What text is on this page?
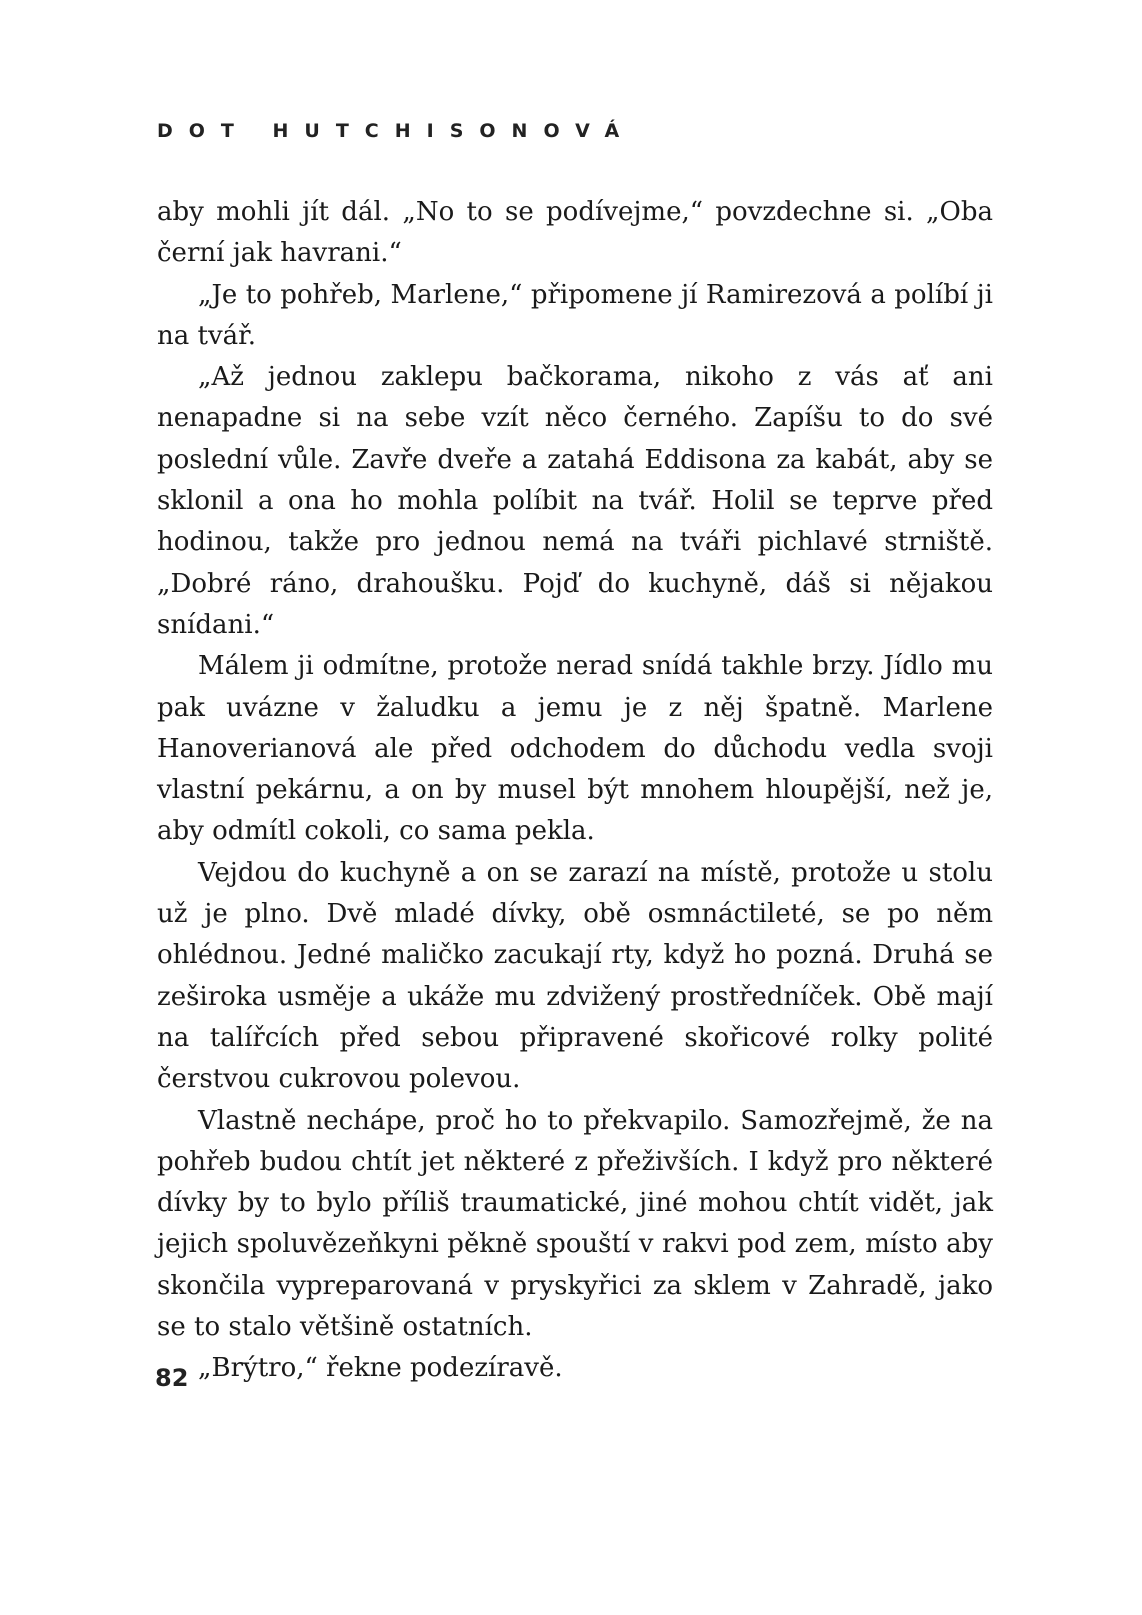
DOT HUTCHISONOVÁ

aby mohli jít dál. „No to se podívejme,“ povzdechne si. „Oba černí jak havrani.“

„Je to pohřeb, Marlene,“ připomene jí Ramirezová a políbí ji na tvář.

„Až jednou zaklepu bačkorama, nikoho z vás ať ani nenapadne si na sebe vzít něco černého. Zapíšu to do své poslední vůle. Zavře dveře a zatahá Eddisona za kabát, aby se sklonil a ona ho mohla políbit na tvář. Holil se teprve před hodinou, takže pro jednou nemá na tváři pichlavé strniště. „Dobré ráno, drahoušku. Pojď do kuchyně, dáš si nějakou snídani.“

Málem ji odmítne, protože nerad snídá takhle brzy. Jídlo mu pak uvázne v žaludku a jemu je z něj špatně. Marlene Hanoverianová ale před odchodem do důchodu vedla svoji vlastní pekárnu, a on by musel být mnohem hloupější, než je, aby odmítl cokoli, co sama pekla.

Vejdou do kuchyně a on se zarazí na místě, protože u stolu už je plno. Dvě mladé dívky, obě osmnáctileté, se po něm ohlédnou. Jedné maličko zacukají rty, když ho pozná. Druhá se zeširoka usměje a ukáže mu zdvižený prostředníček. Obě mají na talířcích před sebou připravené skořicové rolky polité čerstvou cukrovou polevou.

Vlastně nechápe, proč ho to překvapilo. Samozřejmě, že na pohřeb budou chtít jet některé z přeživších. I když pro některé dívky by to bylo příliš traumatické, jiné mohou chtít vidět, jak jejich spoluvězeňkyni pěkně spouští v rakvi pod zem, místo aby skončila vypreparovaná v pryskyřici za sklem v Zahradě, jako se to stalo většině ostatních.

„Brýtro,“ řekne podezíravě.

82
